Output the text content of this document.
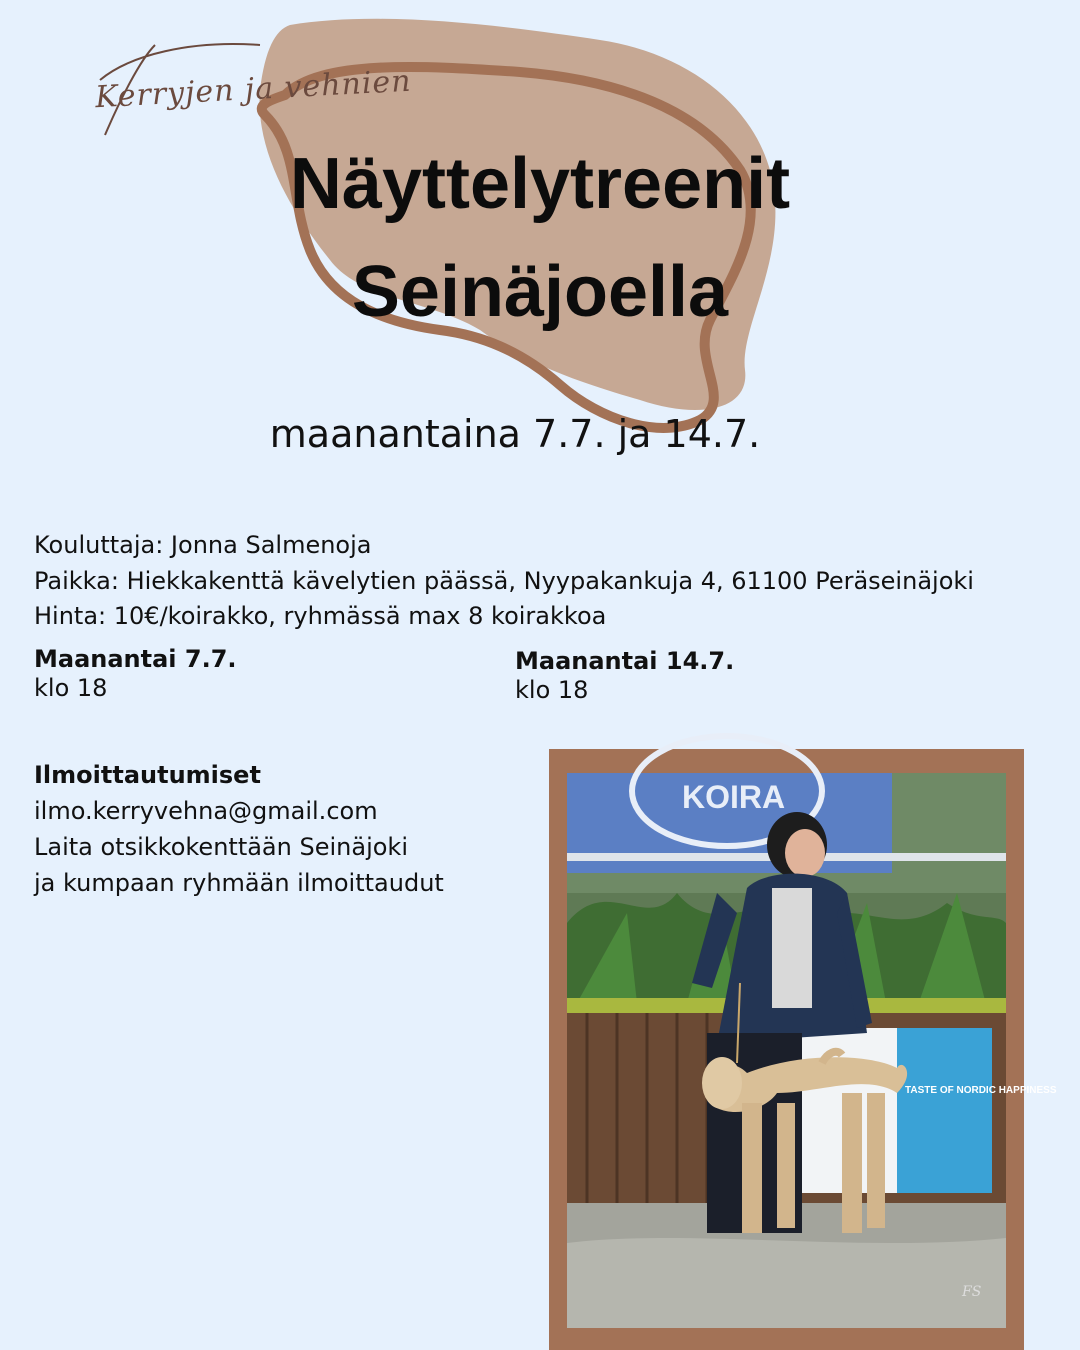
Kerryjen ja vehnien
Näyttelytreenit
Seinäjoella
maanantaina 7.7. ja 14.7.

Kouluttaja: Jonna Salmenoja

Paikka: Hiekkakenttä kävelytien päässä, Nyypakankuja 4, 61100 Peräseinäjoki

Hinta: 10€/koirakko, ryhmässä max 8 koirakkoa

Maanantai 7.7.
klo 18
Maanantai 14.7.
klo 18

Ilmoittautumiset

ilmo.kerryvehna@gmail.com

Laita otsikkokenttään Seinäjoki

ja kumpaan ryhmään ilmoittaudut

KOIRA
TASTE OF NORDIC HAPPINESS
FS
